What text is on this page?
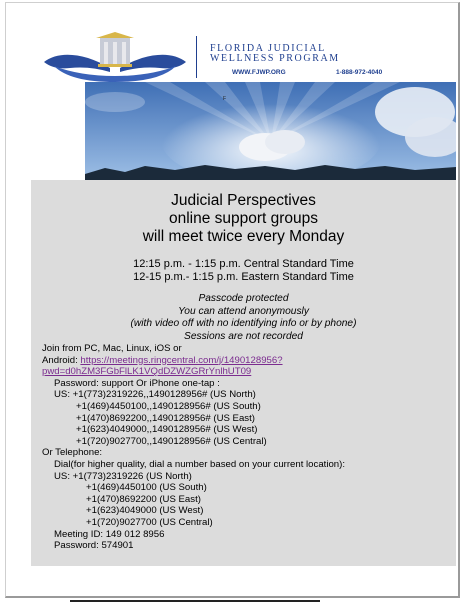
FLORIDA JUDICIAL
WELLNESS PROGRAM
WWW.FJWP.ORG	1-888-972-4040
F
Judicial Perspectives
online support groups
will meet twice every Monday
12:15 p.m. - 1:15 p.m. Central Standard Time
12-15 p.m.- 1:15 p.m. Eastern Standard Time
Passcode protected
You can attend anonymously
(with video off with no identifying info or by phone)
Sessions are not recorded
Join from PC, Mac, Linux, iOS or
Android: https://meetings.ringcentral.com/j/1490128956?
pwd=d0hZM3FGbFlLK1VQdDZWZGRrYnlhUT09
Password: support Or iPhone one-tap :
US: +1(773)2319226,,1490128956# (US North)
+1(469)4450100,,1490128956# (US South)
+1(470)8692200,,1490128956# (US East)
+1(623)4049000,,1490128956# (US West)
+1(720)9027700,,1490128956# (US Central)
Or Telephone:
Dial(for higher quality, dial a number based on your current location):
US: +1(773)2319226 (US North)
+1(469)4450100 (US South)
+1(470)8692200 (US East)
+1(623)4049000 (US West)
+1(720)9027700 (US Central)
Meeting ID: 149 012 8956
Password: 574901
